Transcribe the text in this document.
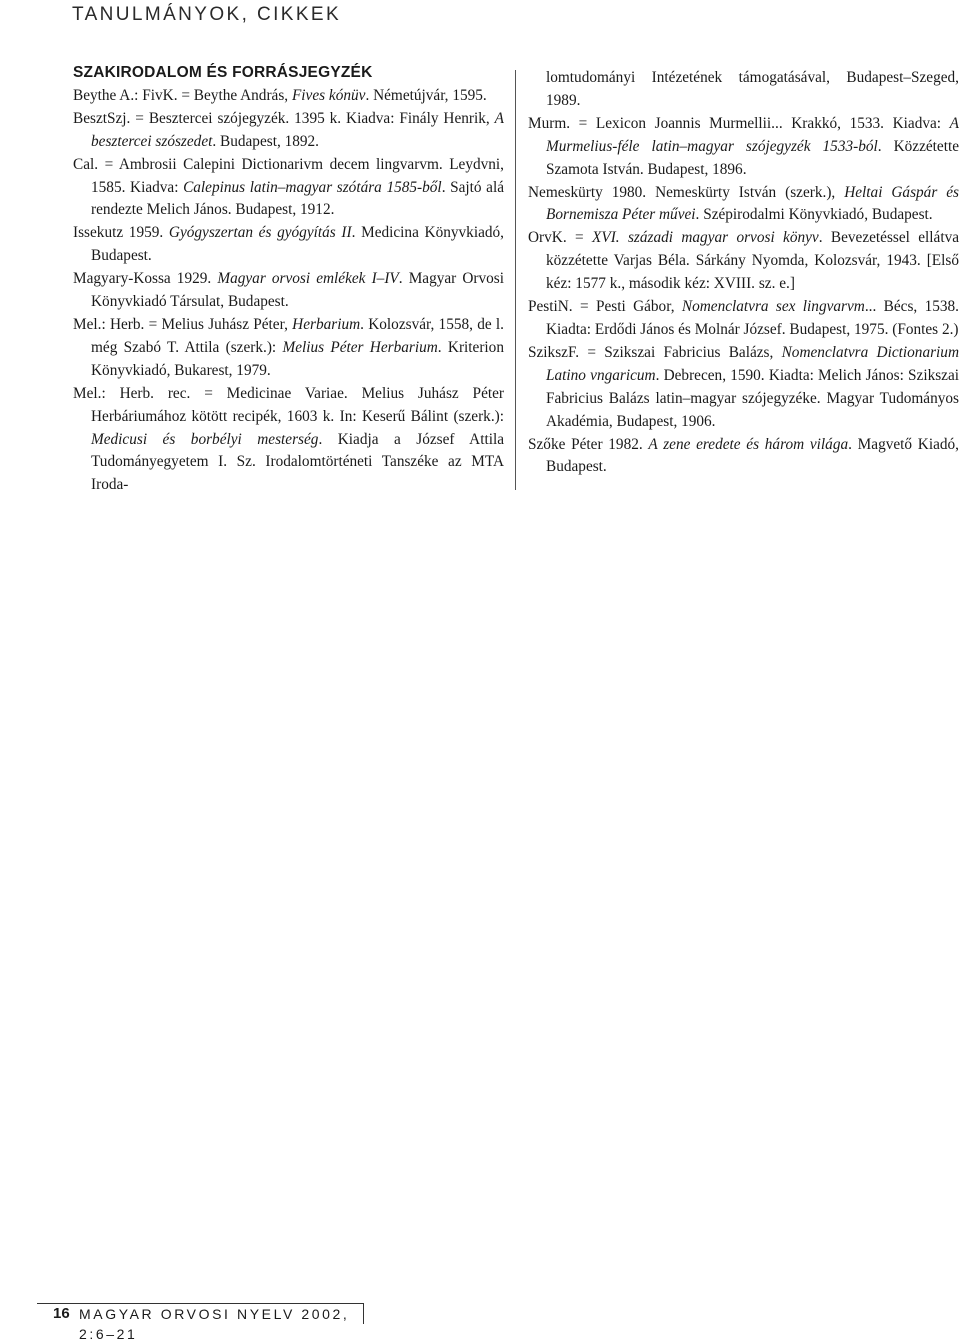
TANULMÁNYOK, CIKKEK
SZAKIRODALOM ÉS FORRÁSJEGYZÉK

Beythe A.: FivK. = Beythe András, Fives kónüv. Németújvár, 1595.

BesztSzj. = Besztercei szójegyzék. 1395 k. Kiadva: Finály Henrik, A besztercei szószedet. Budapest, 1892.

Cal. = Ambrosii Calepini Dictionarivm decem lingvarvm. Leydvni, 1585. Kiadva: Calepinus latin–magyar szótára 1585-ből. Sajtó alá rendezte Melich János. Budapest, 1912.

Issekutz 1959. Gyógyszertan és gyógyítás II. Medicina Könyvkiadó, Budapest.

Magyary-Kossa 1929. Magyar orvosi emlékek I–IV. Magyar Orvosi Könyvkiadó Társulat, Budapest.

Mel.: Herb. = Melius Juhász Péter, Herbarium. Kolozsvár, 1558, de l. még Szabó T. Attila (szerk.): Melius Péter Herbarium. Kriterion Könyvkiadó, Bukarest, 1979.

Mel.: Herb. rec. = Medicinae Variae. Melius Juhász Péter Herbáriumához kötött recipék, 1603 k. In: Keserű Bálint (szerk.): Medicusi és borbélyi mesterség. Kiadja a József Attila Tudományegyetem I. Sz. Irodalomtörténeti Tanszéke az MTA Iroda-

lomtudományi Intézetének támogatásával, Budapest–Szeged, 1989.

Murm. = Lexicon Joannis Murmellii... Krakkó, 1533. Kiadva: A Murmelius-féle latin–magyar szójegyzék 1533-ból. Közzétette Szamota István. Budapest, 1896.

Nemeskürty 1980. Nemeskürty István (szerk.), Heltai Gáspár és Bornemisza Péter művei. Szépirodalmi Könyvkiadó, Budapest.

OrvK. = XVI. századi magyar orvosi könyv. Bevezetéssel ellátva közzétette Varjas Béla. Sárkány Nyomda, Kolozsvár, 1943. [Első kéz: 1577 k., második kéz: XVIII. sz. e.]

PestiN. = Pesti Gábor, Nomenclatvra sex lingvarvm... Bécs, 1538. Kiadta: Erdődi János és Molnár József. Budapest, 1975. (Fontes 2.)

SzikszF. = Szikszai Fabricius Balázs, Nomenclatvra Dictionarium Latino vngaricum. Debrecen, 1590. Kiadta: Melich János: Szikszai Fabricius Balázs latin–magyar szójegyzéke. Magyar Tudományos Akadémia, Budapest, 1906.

Szőke Péter 1982. A zene eredete és három világa. Magvető Kiadó, Budapest.

16 MAGYAR ORVOSI NYELV 2002, 2:6–21
